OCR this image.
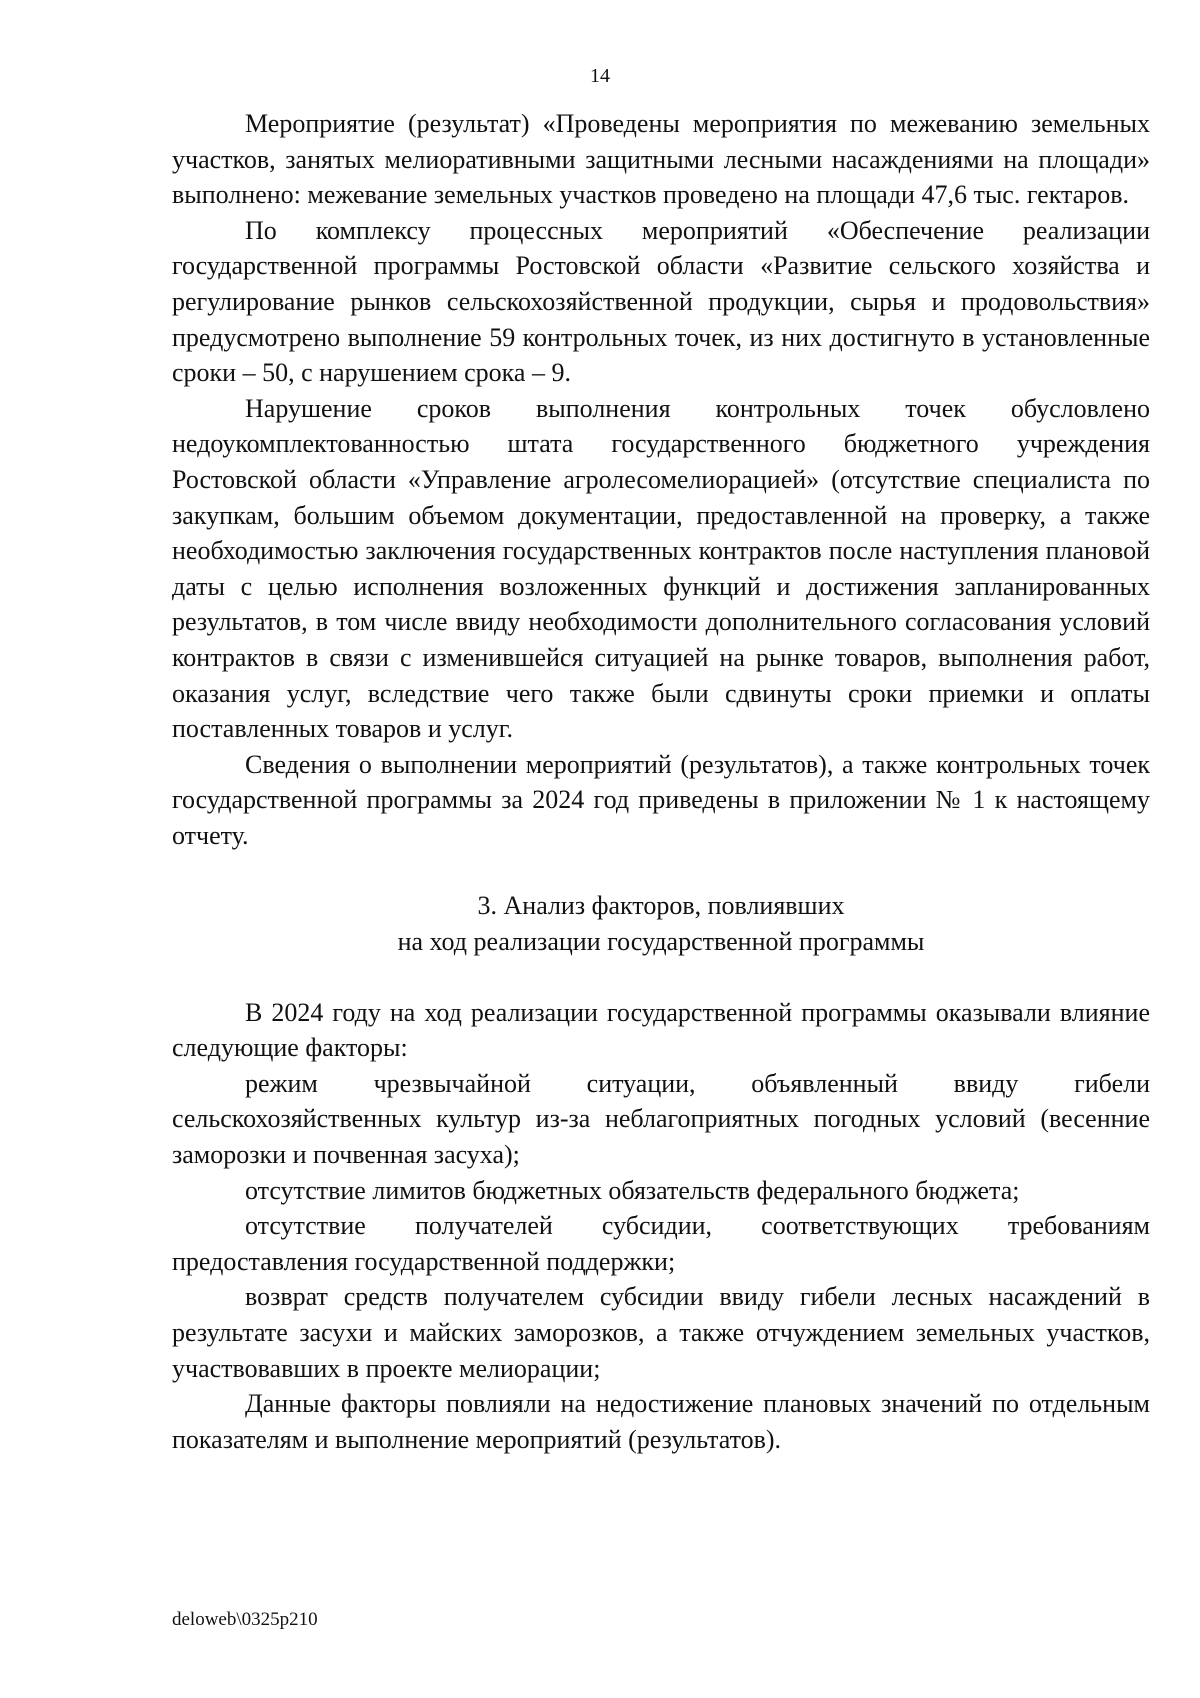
14

Мероприятие (результат) «Проведены мероприятия по межеванию земельных участков, занятых мелиоративными защитными лесными насаждениями на площади» выполнено: межевание земельных участков проведено на площади 47,6 тыс. гектаров.

По комплексу процессных мероприятий «Обеспечение реализации государственной программы Ростовской области «Развитие сельского хозяйства и регулирование рынков сельскохозяйственной продукции, сырья и продовольствия» предусмотрено выполнение 59 контрольных точек, из них достигнуто в установленные сроки – 50, с нарушением срока – 9.

Нарушение сроков выполнения контрольных точек обусловлено недоукомплектованностью штата государственного бюджетного учреждения Ростовской области «Управление агролесомелиорацией» (отсутствие специалиста по закупкам, большим объемом документации, предоставленной на проверку, а также необходимостью заключения государственных контрактов после наступления плановой даты с целью исполнения возложенных функций и достижения запланированных результатов, в том числе ввиду необходимости дополнительного согласования условий контрактов в связи с изменившейся ситуацией на рынке товаров, выполнения работ, оказания услуг, вследствие чего также были сдвинуты сроки приемки и оплаты поставленных товаров и услуг.

Сведения о выполнении мероприятий (результатов), а также контрольных точек государственной программы за 2024 год приведены в приложении № 1 к настоящему отчету.

3. Анализ факторов, повлиявших
на ход реализации государственной программы

В 2024 году на ход реализации государственной программы оказывали влияние следующие факторы:

режим чрезвычайной ситуации, объявленный ввиду гибели сельскохозяйственных культур из-за неблагоприятных погодных условий (весенние заморозки и почвенная засуха);

отсутствие лимитов бюджетных обязательств федерального бюджета;

отсутствие получателей субсидии, соответствующих требованиям предоставления государственной поддержки;

возврат средств получателем субсидии ввиду гибели лесных насаждений в результате засухи и майских заморозков, а также отчуждением земельных участков, участвовавших в проекте мелиорации;

Данные факторы повлияли на недостижение плановых значений по отдельным показателям и выполнение мероприятий (результатов).

deloweb\0325p210
